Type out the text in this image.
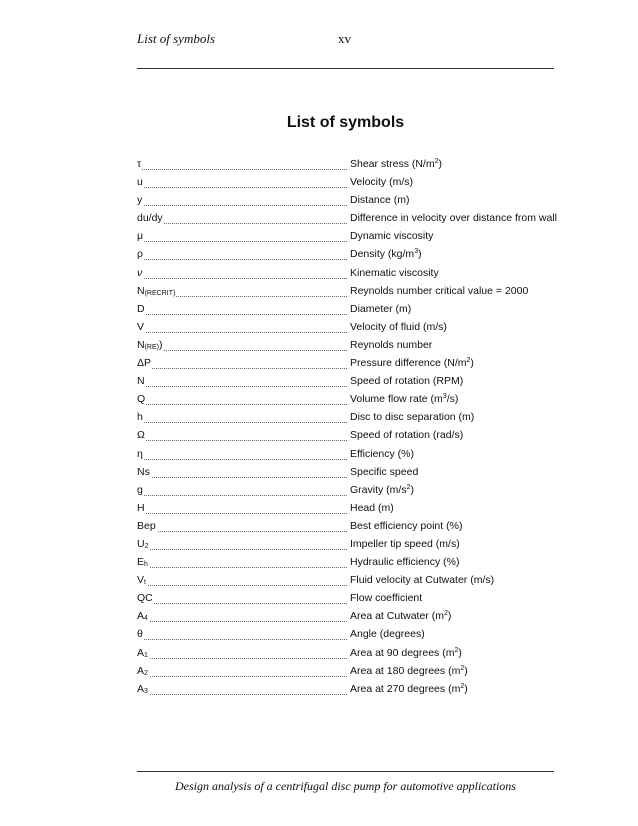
List of symbols	xv
List of symbols
τ	Shear stress $(N/m^2)$
u	Velocity (m/s)
y	Distance (m)
du/dy	Difference in velocity over distance from wall
μ	Dynamic viscosity
ρ	Density $(kg/m^3)$
ν	Kinematic viscosity
N(RECRIT)	Reynolds number critical value = 2000
D	Diameter (m)
V	Velocity of fluid (m/s)
N(RE))	Reynolds number
ΔP	Pressure difference $(N/m^2)$
N	Speed of rotation (RPM)
Q	Volume flow rate $(m^3/s)$
h	Disc to disc separation (m)
Ω	Speed of rotation (rad/s)
η	Efficiency (%)
Ns	Specific speed
g	Gravity $(m/s^2)$
H	Head (m)
Bep	Best efficiency point (%)
U2	Impeller tip speed (m/s)
Eh	Hydraulic efficiency (%)
Vt	Fluid velocity at Cutwater (m/s)
QC	Flow coefficient
A4	Area at Cutwater $(m^2)$
θ	Angle (degrees)
A1	Area at 90 degrees $(m^2)$
A2	Area at 180 degrees $(m^2)$
A3	Area at 270 degrees $(m^2)$
Design analysis of a centrifugal disc pump for automotive applications
